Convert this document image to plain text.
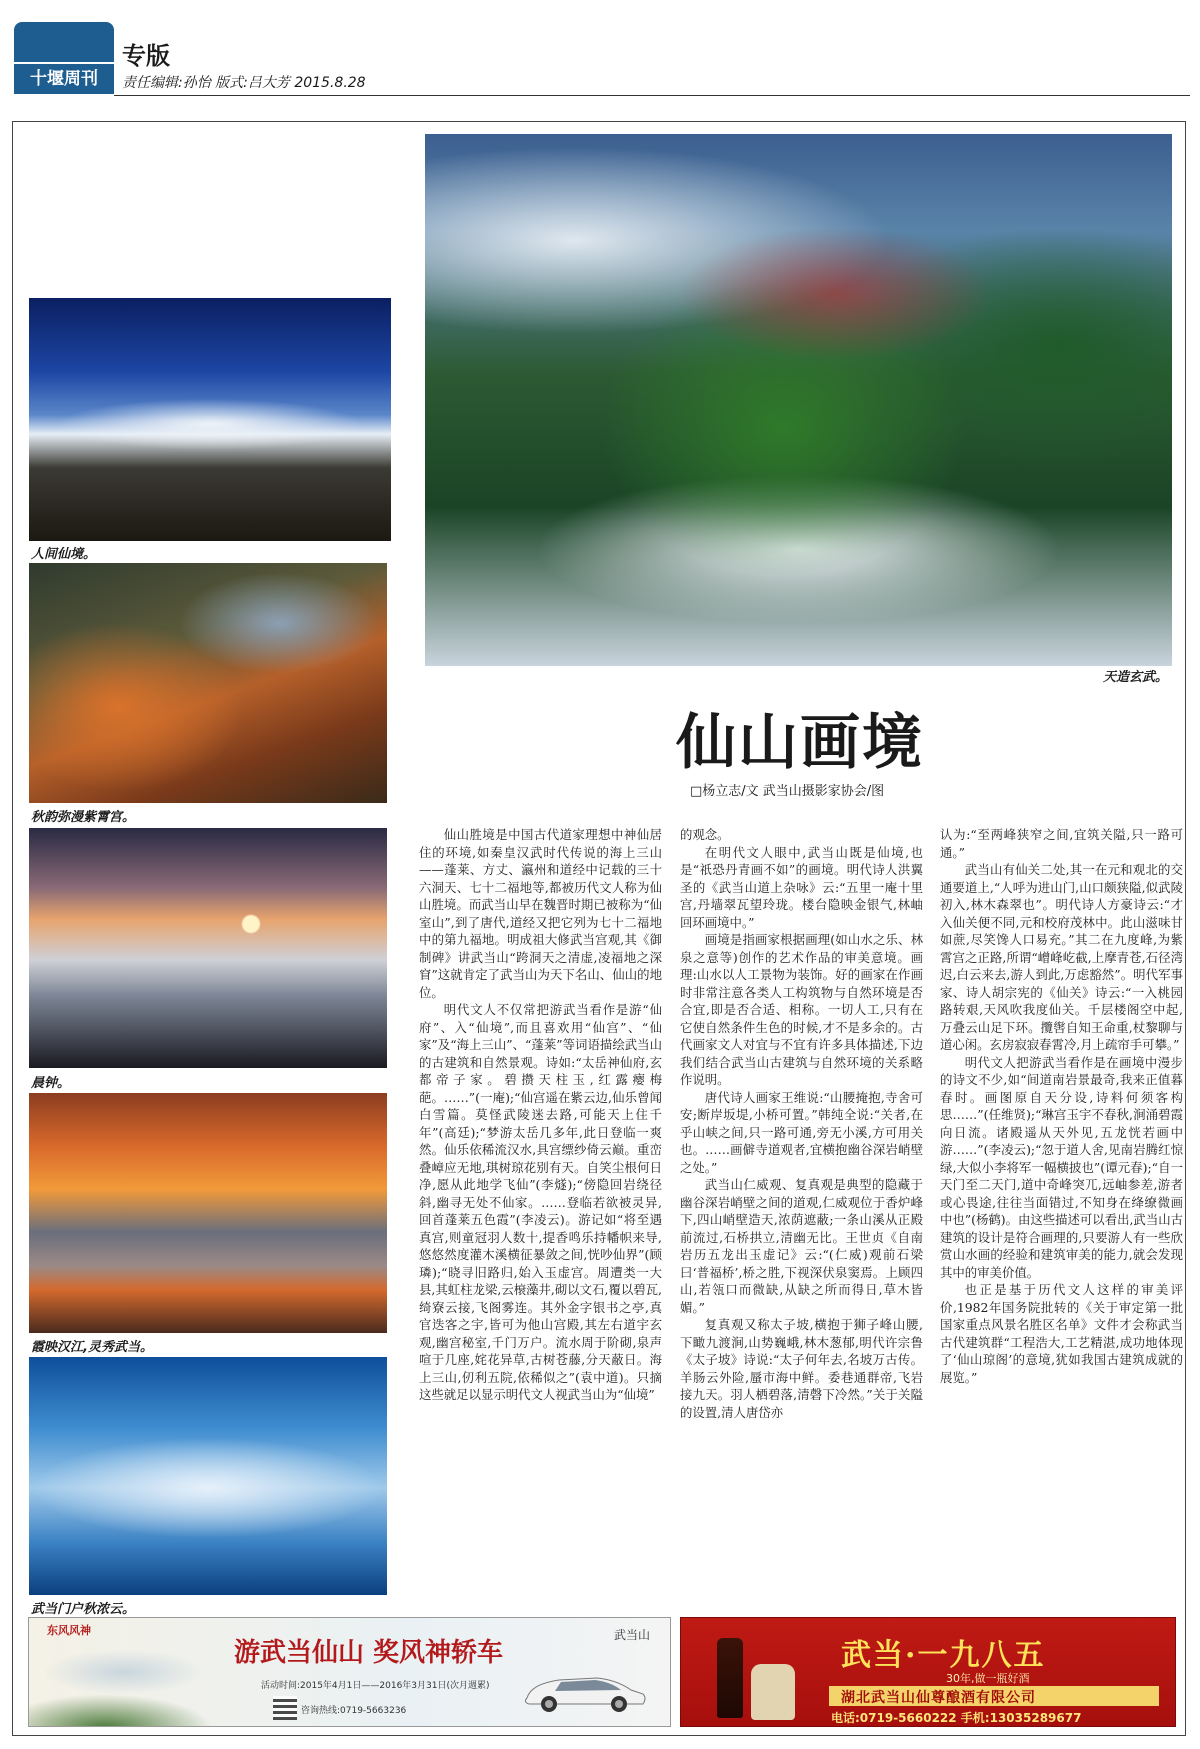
十堰周刊
专版
责任编辑:孙怡 版式:吕大芳 2015.8.28
天造玄武。
人间仙境。
秋韵弥漫紫霄宫。
晨钟。
霞映汉江,灵秀武当。
武当门户秋浓云。
仙山画境
□杨立志/文 武当山摄影家协会/图

仙山胜境是中国古代道家理想中神仙居住的环境,如秦皇汉武时代传说的海上三山——蓬莱、方丈、瀛州和道经中记载的三十六洞天、七十二福地等,都被历代文人称为仙山胜境。而武当山早在魏晋时期已被称为“仙室山”,到了唐代,道经又把它列为七十二福地中的第九福地。明成祖大修武当宫观,其《御制碑》讲武当山“跨洞天之清虚,凌福地之深窅”这就肯定了武当山为天下名山、仙山的地位。

明代文人不仅常把游武当看作是游“仙府”、入“仙境”,而且喜欢用“仙宫”、“仙家”及“海上三山”、“蓬莱”等词语描绘武当山的古建筑和自然景观。诗如:“太岳神仙府,玄都帝子家。碧攒天柱玉,红露瘿梅葩。……”(一庵);“仙宫遥在紫云边,仙乐曾闻白雪篇。莫怪武陵迷去路,可能天上住千年”(高廷);“梦游太岳几多年,此日登临一爽然。仙乐依稀流汉水,具宫缥纱倚云巅。重峦叠嶂应无地,琪树琼花别有天。自笑尘根何日净,愿从此地学飞仙”(李燧);“傍隐回岩绕径斜,幽寻无处不仙家。……登临若欲被灵异,回首蓬莱五色霞”(李凌云)。游记如“将至遇真宫,则童冠羽人数十,提香鸣乐持幡帜来导,悠悠然度灌木溪横征暴敛之间,恍吵仙界”(顾璘);“晓寻旧路归,始入玉虚宫。周遭类一大县,其虹柱龙梁,云榱藻井,砌以文石,覆以碧瓦,绮寮云接,飞阁雾连。其外金字银书之亭,真官迭客之宇,皆可为他山宫殿,其左右道宇玄观,幽宫秘室,千门万户。流水周于阶砌,泉声喧于几座,姹花异草,古树苍藤,分天蔽日。海上三山,仞利五院,依稀似之”(袁中道)。只摘这些就足以显示明代文人视武当山为“仙境”

的观念。

在明代文人眼中,武当山既是仙境,也是“祇恐丹青画不如”的画境。明代诗人洪翼圣的《武当山道上杂咏》云:“五里一庵十里宫,丹墙翠瓦望玲珑。楼台隐映金银气,林岫回环画境中。”

画境是指画家根据画理(如山水之乐、林泉之意等)创作的艺术作品的审美意境。画理:山水以人工景物为装饰。好的画家在作画时非常注意各类人工构筑物与自然环境是否合宜,即是否合适、相称。一切人工,只有在它使自然条件生色的时候,才不是多余的。古代画家文人对宜与不宜有许多具体描述,下边我们结合武当山古建筑与自然环境的关系略作说明。

唐代诗人画家王维说:“山腰掩抱,寺舍可安;断岸坂堤,小桥可置。”韩纯全说:“关者,在乎山峡之间,只一路可通,旁无小溪,方可用关也。……画僻寺道观者,宜横抱幽谷深岩峭壁之处。”

武当山仁威观、复真观是典型的隐藏于幽谷深岩峭壁之间的道观,仁威观位于香炉峰下,四山峭壁造天,浓荫遮蔽;一条山溪从正殿前流过,石桥拱立,清幽无比。王世贞《自南岩历五龙出玉虚记》云:“(仁威)观前石梁曰‘普福桥’,桥之胜,下视深伏泉窦焉。上顾四山,若瓴口而微缺,从缺之所而得日,草木皆媚。”

复真观又称太子坡,横抱于狮子峰山腰,下瞰九渡涧,山势巍峨,林木葱郁,明代许宗鲁《太子坡》诗说:“太子何年去,名坡万古传。羊肠云外险,蜃市海中鲜。委巷通群帝,飞岩接九天。羽人栖碧落,清磬下冷然。”关于关隘的设置,清人唐岱亦

认为:“至两峰狭窄之间,宜筑关隘,只一路可通。”

武当山有仙关二处,其一在元和观北的交通要道上,“人呼为进山门,山口颇狭隘,似武陵初入,林木森翠也”。明代诗人方豪诗云:“才入仙关便不同,元和校府茂林中。此山滋味甘如蔗,尽笑馋人口易充。”其二在九度峰,为紫霄宫之正路,所谓“嶒峰屹截,上摩青苍,石径湾迟,白云来去,游人到此,万虑豁然”。明代军事家、诗人胡宗宪的《仙关》诗云:“一入桃园路转艰,天风吹我度仙关。千层楼阁空中起,万叠云山足下环。攬辔自知王命重,杖黎聊与道心闲。玄房寂寂春霄冷,月上疏帘手可攀。”

明代文人把游武当看作是在画境中漫步的诗文不少,如“间道南岩景最奇,我来正值暮春时。画图原自天分设,诗料何须客构思……”(任维贤);“琳宫玉宇不春秋,涧涌碧霞向日流。诸殿遥从天外见,五龙恍若画中游……”(李凌云);“忽于道人舍,见南岩腾红惊绿,大似小李将军一幅横披也”(谭元春);“自一天门至二天门,道中奇峰突兀,远岫参差,游者或心畏途,往往当面错过,不知身在绛缭微画中也”(杨鹤)。由这些描述可以看出,武当山古建筑的设计是符合画理的,只要游人有一些欣赏山水画的经验和建筑审美的能力,就会发现其中的审美价值。

也正是基于历代文人这样的审美评价,1982年国务院批转的《关于审定第一批国家重点风景名胜区名单》文件才会称武当古代建筑群“工程浩大,工艺精湛,成功地体现了‘仙山琼阁’的意境,犹如我国古建筑成就的展览。”

东风风神
游武当仙山 奖风神轿车
活动时间:2015年4月1日——2016年3月31日(次月週累)
咨询热线:0719-5663236
武当山
武当·一九八五
30年,做一瓶好酒
湖北武当山仙尊酿酒有限公司
电话:0719-5660222 手机:13035289677
